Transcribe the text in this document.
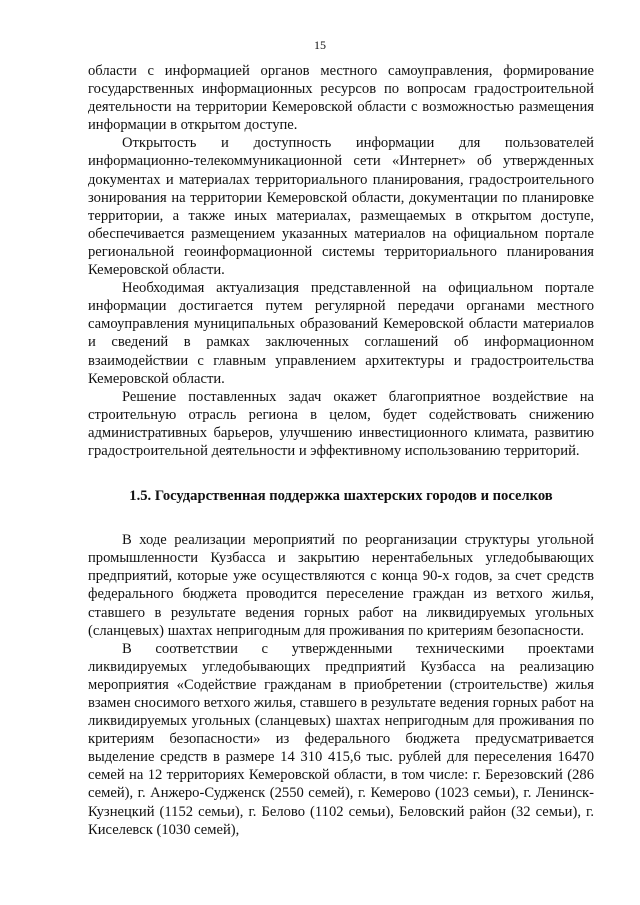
15

области с информацией органов местного самоуправления, формирование государственных информационных ресурсов по вопросам градостроительной деятельности на территории Кемеровской области с возможностью размещения информации в открытом доступе.

Открытость и доступность информации для пользователей информационно-телекоммуникационной сети «Интернет» об утвержденных документах и материалах территориального планирования, градостроительного зонирования на территории Кемеровской области, документации по планировке территории, а также иных материалах, размещаемых в открытом доступе, обеспечивается размещением указанных материалов на официальном портале региональной геоинформационной системы территориального планирования Кемеровской области.

Необходимая актуализация представленной на официальном портале информации достигается путем регулярной передачи органами местного самоуправления муниципальных образований Кемеровской области материалов и сведений в рамках заключенных соглашений об информационном взаимодействии с главным управлением архитектуры и градостроительства Кемеровской области.

Решение поставленных задач окажет благоприятное воздействие на строительную отрасль региона в целом, будет содействовать снижению административных барьеров, улучшению инвестиционного климата, развитию градостроительной деятельности и эффективному использованию территорий.

1.5. Государственная поддержка шахтерских городов и поселков

В ходе реализации мероприятий по реорганизации структуры угольной промышленности Кузбасса и закрытию нерентабельных угледобывающих предприятий, которые уже осуществляются с конца 90-х годов, за счет средств федерального бюджета проводится переселение граждан из ветхого жилья, ставшего в результате ведения горных работ на ликвидируемых угольных (сланцевых) шахтах непригодным для проживания по критериям безопасности.

В соответствии с утвержденными техническими проектами ликвидируемых угледобывающих предприятий Кузбасса на реализацию мероприятия «Содействие гражданам в приобретении (строительстве) жилья взамен сносимого ветхого жилья, ставшего в результате ведения горных работ на ликвидируемых угольных (сланцевых) шахтах непригодным для проживания по критериям безопасности» из федерального бюджета предусматривается выделение средств в размере 14 310 415,6 тыс. рублей для переселения 16470 семей на 12 территориях Кемеровской области, в том числе: г. Березовский (286 семей), г. Анжеро-Судженск (2550 семей), г. Кемерово (1023 семьи), г. Ленинск-Кузнецкий (1152 семьи), г. Белово (1102 семьи), Беловский район (32 семьи), г. Киселевск (1030 семей),
